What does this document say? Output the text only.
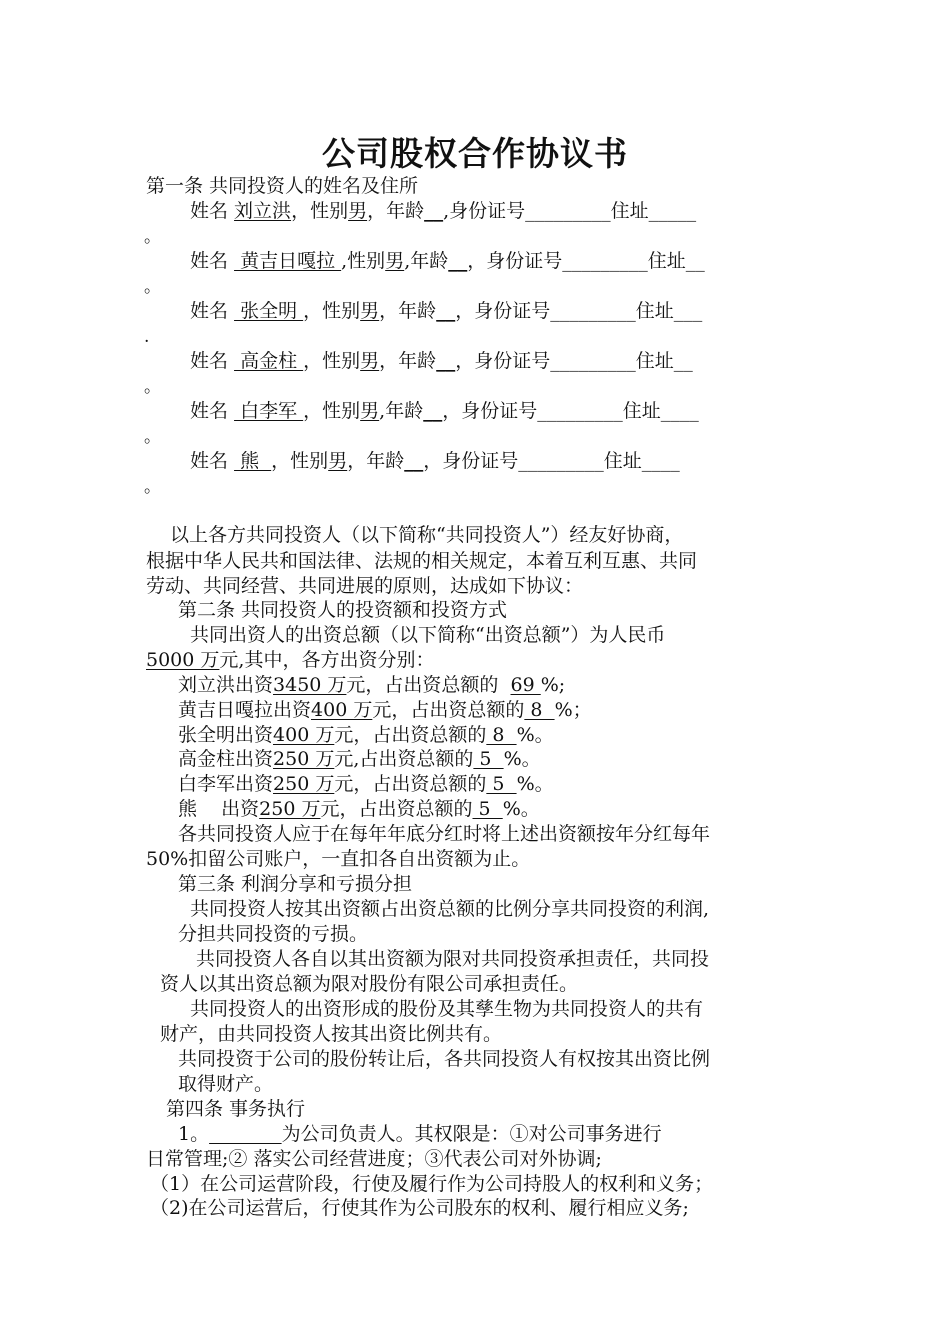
公司股权合作协议书

第一条 共同投资人的姓名及住所

姓名 刘立洪，性别男，年龄__,身份证号_________住址_____

。

姓名  黄吉日嘎拉 ,性别男,年龄__，身份证号_________住址__

。

姓名  张全明 ，性别男，年龄__，身份证号_________住址___

.

姓名  高金柱 ，性别男，年龄__，身份证号_________住址__

。

姓名  白李军 ，性别男,年龄__，身份证号_________住址____

。

姓名  熊  ，性别男，年龄__，身份证号_________住址____

。

以上各方共同投资人（以下简称“共同投资人”）经友好协商，

根据中华人民共和国法律、法规的相关规定，本着互利互惠、共同

劳动、共同经营、共同进展的原则，达成如下协议：

第二条 共同投资人的投资额和投资方式

共同出资人的出资总额（以下简称“出资总额”）为人民币

5000 万元,其中，各方出资分别：

刘立洪出资3450 万元，占出资总额的  69 %;

黄吉日嘎拉出资400 万元，占出资总额的 8  %；

张全明出资400 万元，占出资总额的 8  %。

高金柱出资250 万元,占出资总额的 5  %。

白李军出资250 万元，占出资总额的 5  %。

熊    出资250 万元，占出资总额的 5  %。

各共同投资人应于在每年年底分红时将上述出资额按年分红每年

50%扣留公司账户，一直扣各自出资额为止。

第三条 利润分享和亏损分担

共同投资人按其出资额占出资总额的比例分享共同投资的利润,

分担共同投资的亏损。

共同投资人各自以其出资额为限对共同投资承担责任，共同投

资人以其出资总额为限对股份有限公司承担责任。

共同投资人的出资形成的股份及其孳生物为共同投资人的共有

财产，由共同投资人按其出资比例共有。

共同投资于公司的股份转让后，各共同投资人有权按其出资比例

取得财产。

第四条 事务执行

1。	为公司负责人。其权限是：①对公司事务进行

日常管理;② 落实公司经营进度；③代表公司对外协调;

（1）在公司运营阶段，行使及履行作为公司持股人的权利和义务；

（2)在公司运营后，行使其作为公司股东的权利、履行相应义务;
